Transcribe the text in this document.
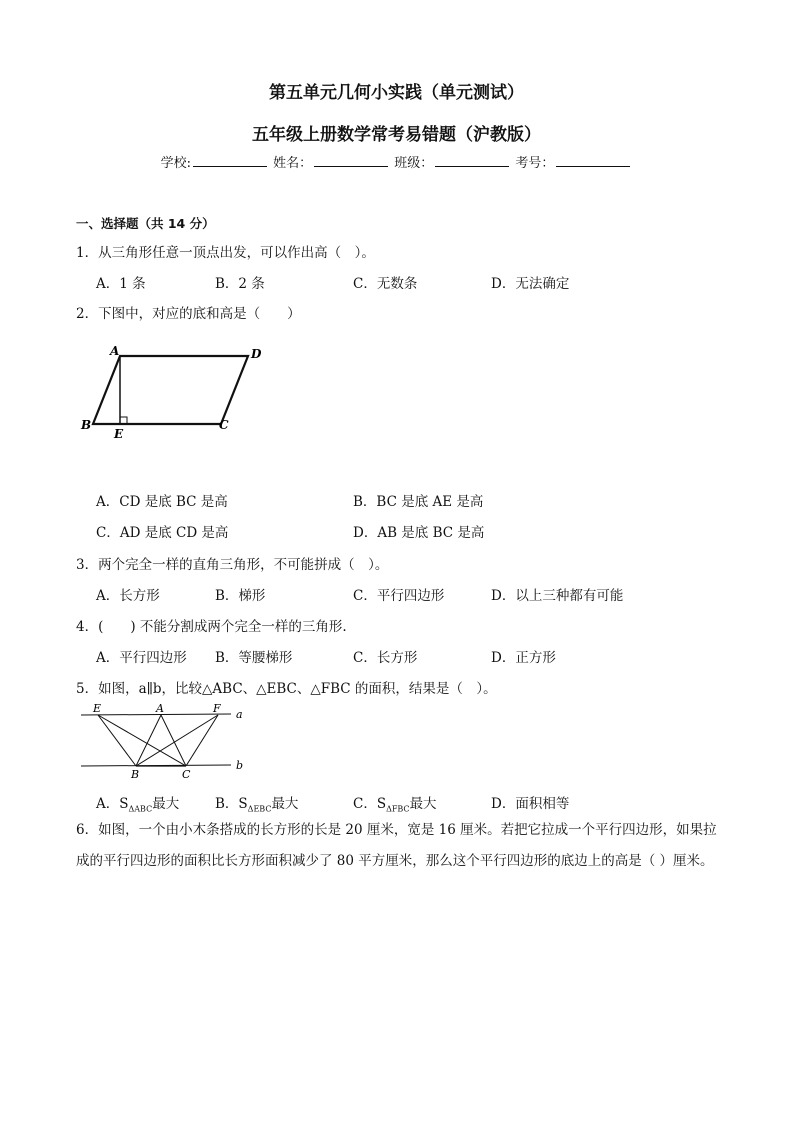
第五单元几何小实践（单元测试）
五年级上册数学常考易错题（沪教版）
学校:	姓名：	班级：	考号：
一、选择题（共 14 分）
1．从三角形任意一顶点出发，可以作出高（　）。
A．1 条	B．2 条	C．无数条	D．无法确定
2．下图中，对应的底和高是（　　）
A	D
B
E
C
A．CD 是底 BC 是高	B．BC 是底 AE 是高
C．AD 是底 CD 是高	D．AB 是底 BC 是高
3．两个完全一样的直角三角形，不可能拼成（　）。
A．长方形	B．梯形	C．平行四边形	D．以上三种都有可能
4．(　　) 不能分割成两个完全一样的三角形.
A．平行四边形 B．等腰梯形	C．长方形	D．正方形
5．如图，a∥b，比较△ABC、△EBC、△FBC 的面积，结果是（　）。
E	A	F a
B	C
b
A．$S_{\Delta ABC}$最大	B．$S_{\Delta EBC}$最大	C．$S_{\Delta FBC}$最大	D．面积相等
6．如图，一个由小木条搭成的长方形的长是 20 厘米，宽是 16 厘米。若把它拉成一个平行四边形，如果拉成的平行四边形的面积比长方形面积减少了 80 平方厘米，那么这个平行四边形的底边上的高是（ ）厘米。
